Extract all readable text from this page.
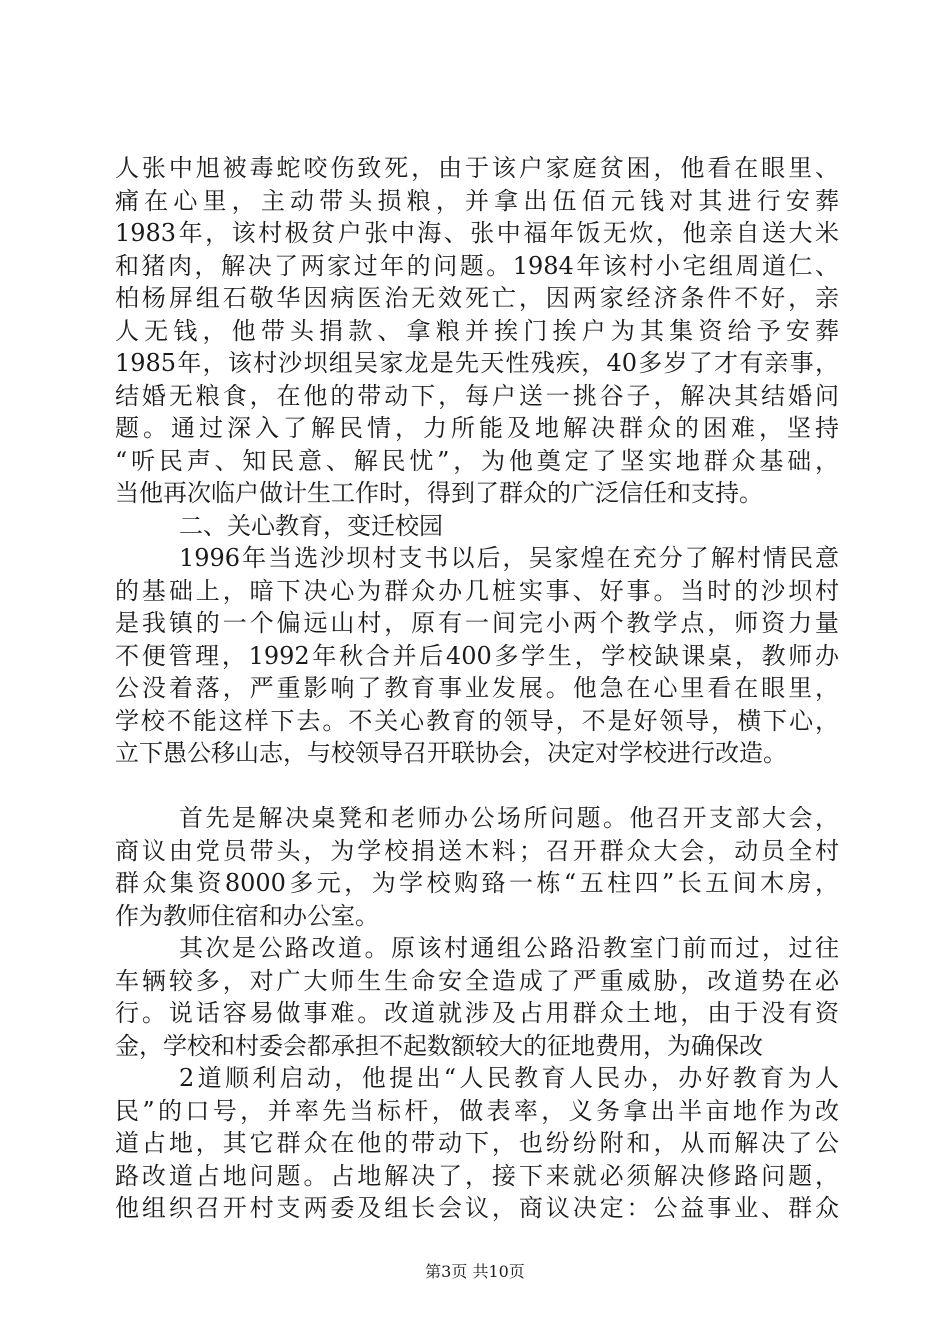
人张中旭被毒蛇咬伤致死，由于该户家庭贫困，他看在眼里、
痛在心里，主动带头损粮，并拿出伍佰元钱对其进行安葬
1983年，该村极贫户张中海、张中福年饭无炊，他亲自送大米
和猪肉，解决了两家过年的问题。1984年该村小宅组周道仁、
柏杨屏组石敬华因病医治无效死亡，因两家经济条件不好，亲
人无钱，他带头捐款、拿粮并挨门挨户为其集资给予安葬
1985年，该村沙坝组吴家龙是先天性残疾，40多岁了才有亲事，
结婚无粮食，在他的带动下，每户送一挑谷子，解决其结婚问
题。通过深入了解民情，力所能及地解决群众的困难，坚持
“听民声、知民意、解民忧”，为他奠定了坚实地群众基础，
当他再次临户做计生工作时，得到了群众的广泛信任和支持。
二、关心教育，变迁校园
1996年当选沙坝村支书以后，吴家煌在充分了解村情民意
的基础上，暗下决心为群众办几桩实事、好事。当时的沙坝村
是我镇的一个偏远山村，原有一间完小两个教学点，师资力量
不便管理，1992年秋合并后400多学生，学校缺课桌，教师办
公没着落，严重影响了教育事业发展。他急在心里看在眼里，
学校不能这样下去。不关心教育的领导，不是好领导，横下心，
立下愚公移山志，与校领导召开联协会，决定对学校进行改造。
首先是解决桌凳和老师办公场所问题。他召开支部大会，
商议由党员带头，为学校捐送木料；召开群众大会，动员全村
群众集资8000多元，为学校购臵一栋“五柱四”长五间木房，
作为教师住宿和办公室。
其次是公路改道。原该村通组公路沿教室门前而过，过往
车辆较多，对广大师生生命安全造成了严重威胁，改道势在必
行。说话容易做事难。改道就涉及占用群众土地，由于没有资
金，学校和村委会都承担不起数额较大的征地费用，为确保改
2道顺利启动，他提出“人民教育人民办，办好教育为人
民”的口号，并率先当标杆，做表率，义务拿出半亩地作为改
道占地，其它群众在他的带动下，也纷纷附和，从而解决了公
路改道占地问题。占地解决了，接下来就必须解决修路问题，
他组织召开村支两委及组长会议，商议决定：公益事业、群众
第3页 共10页
